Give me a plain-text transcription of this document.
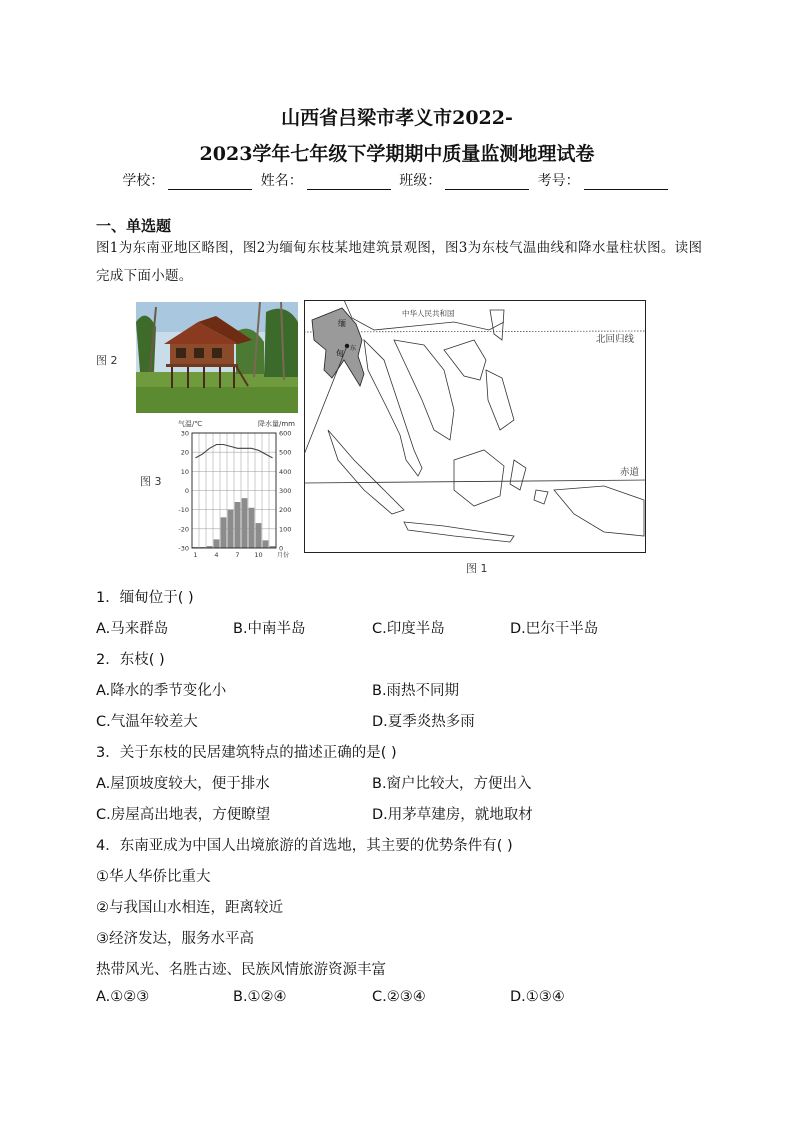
山西省吕梁市孝义市2022-
2023学年七年级下学期期中质量监测地理试卷
学校：	姓名：	班级：	考号：
一、单选题
图1为东南亚地区略图，图2为缅甸东枝某地建筑景观图，图3为东枝气温曲线和降水量柱状图。读图完成下面小题。
图 2
图 3
图 1
气温/℃	降水量/mm
30	600
20	500
10	400
0	300
-10	200
-20	100
-30	0
1	4	7 10 月份
中华人民共和国
北回归线
赤道
缅
甸
东
1．缅甸位于( )
A.马来群岛	B.中南半岛	C.印度半岛	D.巴尔干半岛
2．东枝( )
A.降水的季节变化小	B.雨热不同期
C.气温年较差大	D.夏季炎热多雨
3．关于东枝的民居建筑特点的描述正确的是( )
A.屋顶坡度较大，便于排水	B.窗户比较大，方便出入
C.房屋高出地表，方便瞭望	D.用茅草建房，就地取材
4．东南亚成为中国人出境旅游的首选地，其主要的优势条件有( )
①华人华侨比重大
②与我国山水相连，距离较近
③经济发达，服务水平高
热带风光、名胜古迹、民族风情旅游资源丰富
A.①②③	B.①②④	C.②③④	D.①③④
